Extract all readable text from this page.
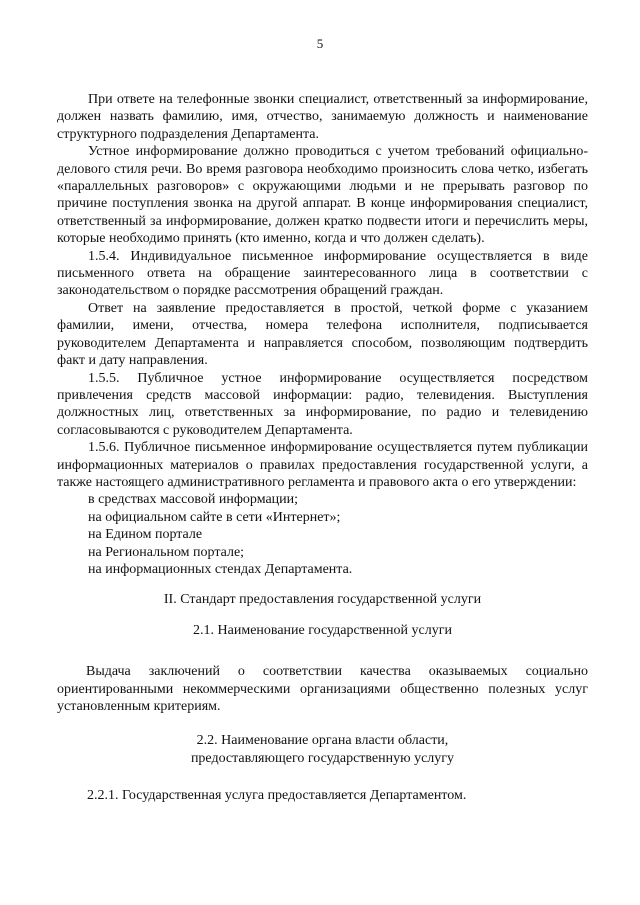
5

При ответе на телефонные звонки специалист, ответственный за информирование, должен назвать фамилию, имя, отчество, занимаемую должность и наименование структурного подразделения Департамента.

Устное информирование должно проводиться с учетом требований официально-делового стиля речи. Во время разговора необходимо произносить слова четко, избегать «параллельных разговоров» с окружающими людьми и не прерывать разговор по причине поступления звонка на другой аппарат. В конце информирования специалист, ответственный за информирование, должен кратко подвести итоги и перечислить меры, которые необходимо принять (кто именно, когда и что должен сделать).

1.5.4. Индивидуальное письменное информирование осуществляется в виде письменного ответа на обращение заинтересованного лица в соответствии с законодательством о порядке рассмотрения обращений граждан.

Ответ на заявление предоставляется в простой, четкой форме с указанием фамилии, имени, отчества, номера телефона исполнителя, подписывается руководителем Департамента и направляется способом, позволяющим подтвердить факт и дату направления.

1.5.5. Публичное устное информирование осуществляется посредством привлечения средств массовой информации: радио, телевидения. Выступления должностных лиц, ответственных за информирование, по радио и телевидению согласовываются с руководителем Департамента.

1.5.6. Публичное письменное информирование осуществляется путем публикации информационных материалов о правилах предоставления государственной услуги, а также настоящего административного регламента и правового акта о его утверждении:

в средствах массовой информации;

на официальном сайте в сети «Интернет»;

на Едином портале

на Региональном портале;

на информационных стендах Департамента.

II. Стандарт предоставления государственной услуги

2.1. Наименование государственной услуги

Выдача заключений о соответствии качества оказываемых социально ориентированными некоммерческими организациями общественно полезных услуг установленным критериям.

2.2. Наименование органа власти области,

предоставляющего государственную услугу

2.2.1. Государственная услуга предоставляется Департаментом.
